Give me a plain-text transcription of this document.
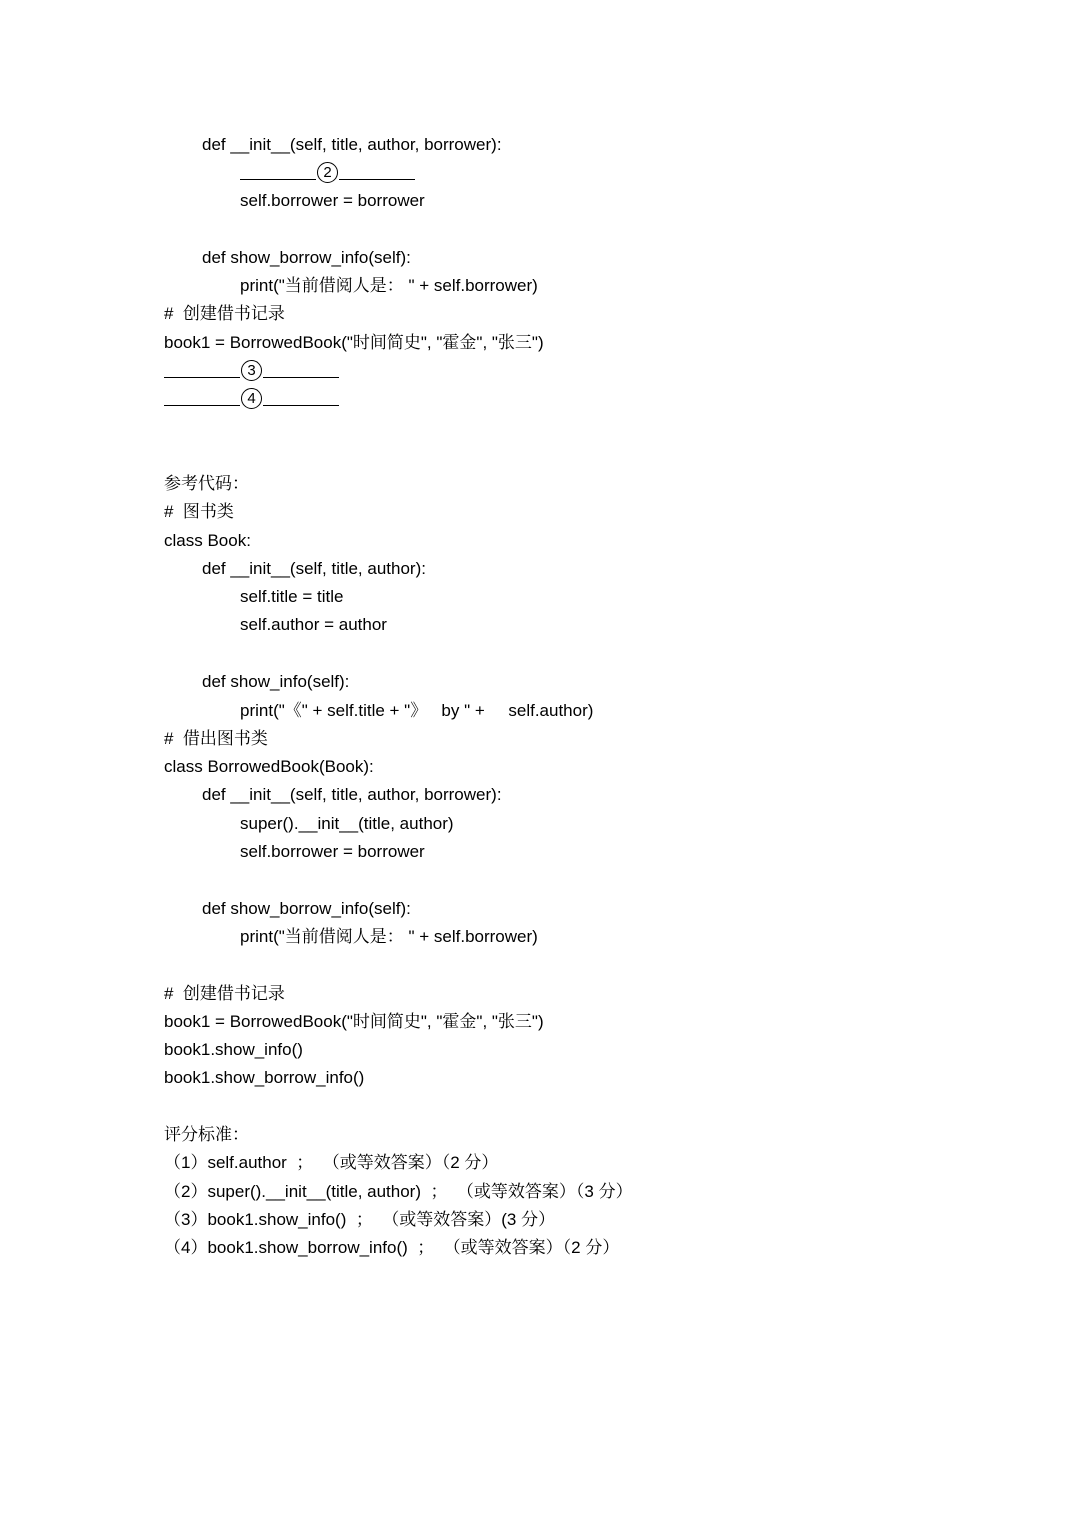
def __init__(self, title, author, borrower):
2
self.borrower = borrower
def show_borrow_info(self):
print("当前借阅人是： " + self.borrower)
#  创建借书记录
book1 = BorrowedBook("时间简史", "霍金", "张三")
3
4
参考代码：
#  图书类
class Book:
def __init__(self, title, author):
self.title = title
self.author = author
def show_info(self):
print("《" + self.title + "》   by " +     self.author)
#  借出图书类
class BorrowedBook(Book):
def __init__(self, title, author, borrower):
super().__init__(title, author)
self.borrower = borrower
def show_borrow_info(self):
print("当前借阅人是： " + self.borrower)
#  创建借书记录
book1 = BorrowedBook("时间简史", "霍金", "张三")
book1.show_info()
book1.show_borrow_info()
评分标准：
（1）self.author  ；  （或等效答案）（2 分）
（2）super().__init__(title, author)  ；  （或等效答案）（3 分）
（3）book1.show_info()  ；  （或等效答案）(3 分）
（4）book1.show_borrow_info()  ；  （或等效答案）（2 分）
